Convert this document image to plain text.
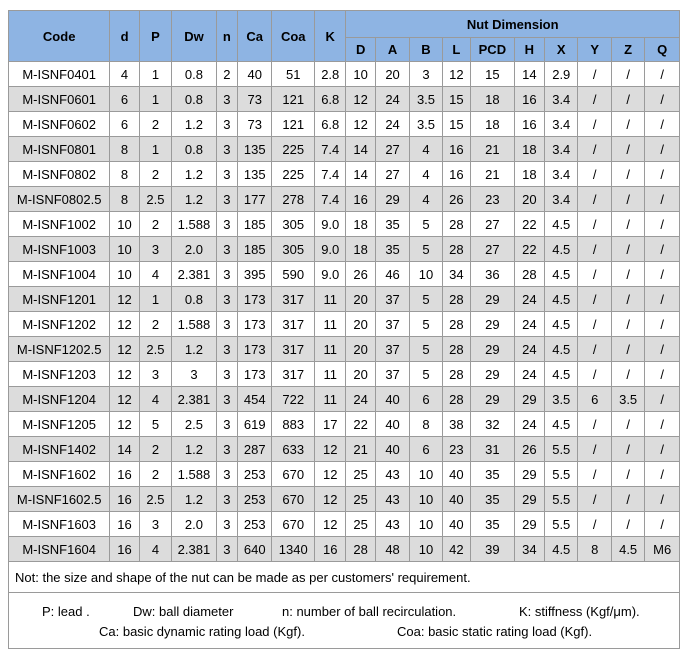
Code	d	P	Dw	n	Ca	Coa	K	Nut Dimension									
								D	A	B	L	PCD	H	X	Y	Z	Q
M-ISNF0401	4	1	0.8	2	40	51	2.8	10	20	3	12	15	14	2.9	/	/	/
M-ISNF0601	6	1	0.8	3	73	121	6.8	12	24	3.5	15	18	16	3.4	/	/	/
M-ISNF0602	6	2	1.2	3	73	121	6.8	12	24	3.5	15	18	16	3.4	/	/	/
M-ISNF0801	8	1	0.8	3	135	225	7.4	14	27	4	16	21	18	3.4	/	/	/
M-ISNF0802	8	2	1.2	3	135	225	7.4	14	27	4	16	21	18	3.4	/	/	/
M-ISNF0802.5	8	2.5	1.2	3	177	278	7.4	16	29	4	26	23	20	3.4	/	/	/
M-ISNF1002	10	2	1.588	3	185	305	9.0	18	35	5	28	27	22	4.5	/	/	/
M-ISNF1003	10	3	2.0	3	185	305	9.0	18	35	5	28	27	22	4.5	/	/	/
M-ISNF1004	10	4	2.381	3	395	590	9.0	26	46	10	34	36	28	4.5	/	/	/
M-ISNF1201	12	1	0.8	3	173	317	11	20	37	5	28	29	24	4.5	/	/	/
M-ISNF1202	12	2	1.588	3	173	317	11	20	37	5	28	29	24	4.5	/	/	/
M-ISNF1202.5	12	2.5	1.2	3	173	317	11	20	37	5	28	29	24	4.5	/	/	/
M-ISNF1203	12	3	3	3	173	317	11	20	37	5	28	29	24	4.5	/	/	/
M-ISNF1204	12	4	2.381	3	454	722	11	24	40	6	28	29	29	3.5	6	3.5	/
M-ISNF1205	12	5	2.5	3	619	883	17	22	40	8	38	32	24	4.5	/	/	/
M-ISNF1402	14	2	1.2	3	287	633	12	21	40	6	23	31	26	5.5	/	/	/
M-ISNF1602	16	2	1.588	3	253	670	12	25	43	10	40	35	29	5.5	/	/	/
M-ISNF1602.5	16	2.5	1.2	3	253	670	12	25	43	10	40	35	29	5.5	/	/	/
M-ISNF1603	16	3	2.0	3	253	670	12	25	43	10	40	35	29	5.5	/	/	/
M-ISNF1604	16	4	2.381	3	640	1340	16	28	48	10	42	39	34	4.5	8	4.5	M6
Not: the size and shape of the nut can be made as per customers' requirement.
P: lead .	Dw: ball diameter	n: number of ball recirculation.	K: stiffness (Kgf/μm).
Ca: basic dynamic rating load (Kgf).	Coa: basic static rating load (Kgf).
